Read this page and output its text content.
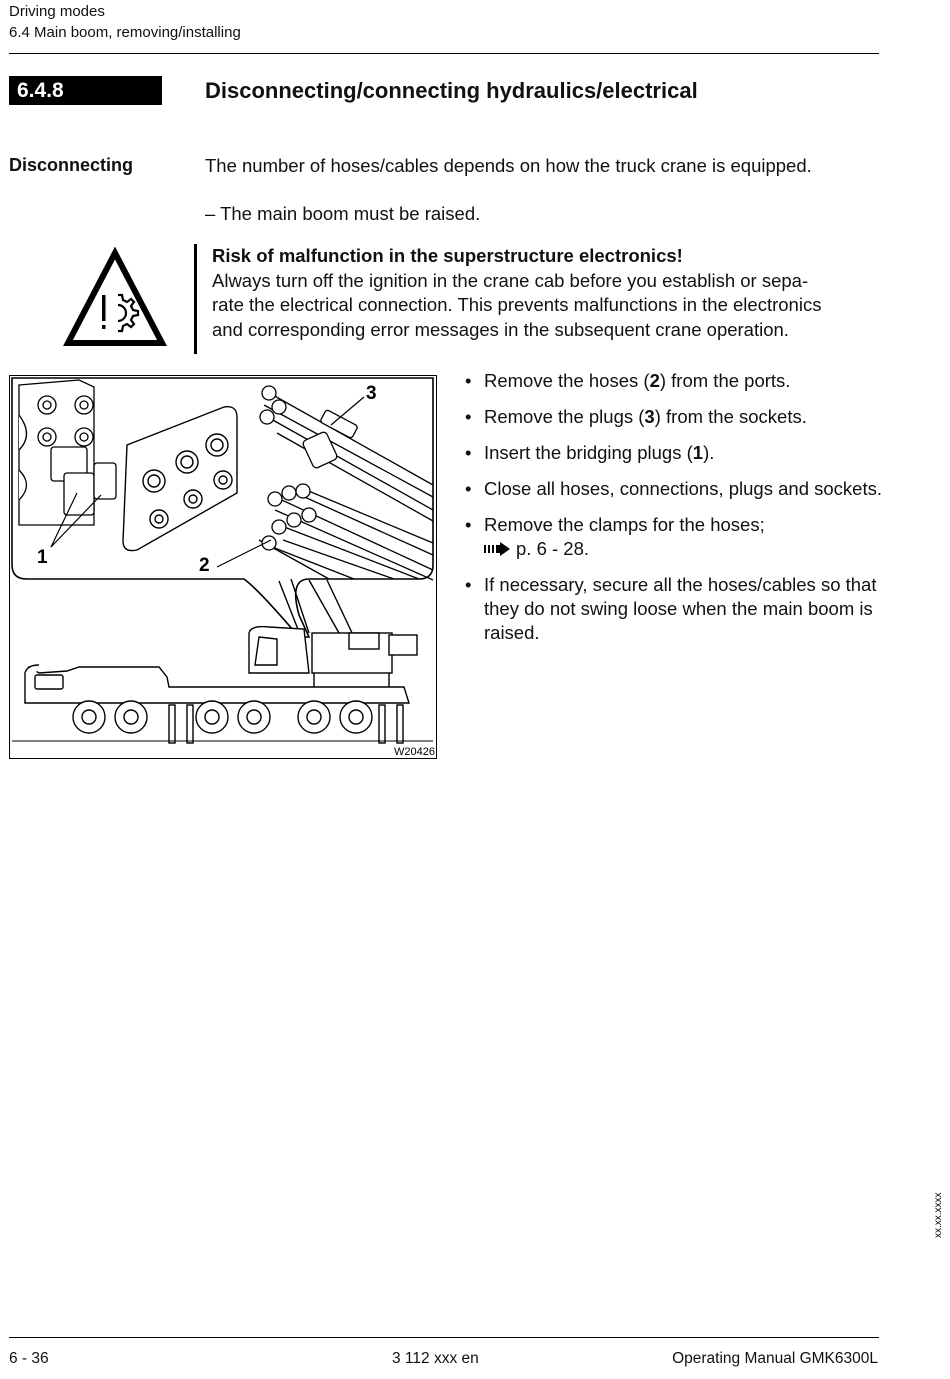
Driving modes
6.4 Main boom, removing/installing
6.4.8	Disconnecting/connecting hydraulics/electrical
Disconnecting	The number of hoses/cables depends on how the truck crane is equipped.
– The main boom must be raised.
Risk of malfunction in the superstructure electronics!
Always turn off the ignition in the crane cab before you establish or sepa-
rate the electrical connection. This prevents malfunctions in the electronics
and corresponding error messages in the subsequent crane operation.
1	2
3
W20426
• Remove the hoses (2) from the ports.
• Remove the plugs (3) from the sockets.
• Insert the bridging plugs (1).
• Close all hoses, connections, plugs and sockets.
• Remove the clamps for the hoses;
p. 6 - 28.
• If necessary, secure all the hoses/cables so that they do not swing loose when the main boom is raised.
xx.xx.xxxx
6 - 36	3 112 xxx en	Operating Manual GMK6300L
